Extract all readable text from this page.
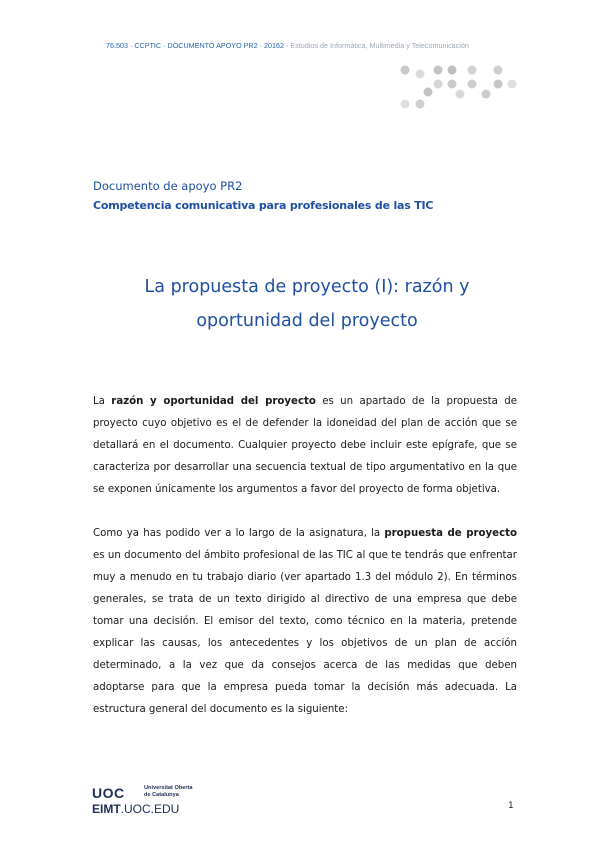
76.503 · CCPTIC · DOCUMENTO APOYO PR2 · 20162 · Estudios de Informática, Multimedia y Telecomunicación
Documento de apoyo PR2
Competencia comunicativa para profesionales de las TIC
La propuesta de proyecto (I): razón y
oportunidad del proyecto
La razón y oportunidad del proyecto es un apartado de la propuesta de proyecto cuyo objetivo es el de defender la idoneidad del plan de acción que se detallará en el documento. Cualquier proyecto debe incluir este epígrafe, que se caracteriza por desarrollar una secuencia textual de tipo argumentativo en la que se exponen únicamente los argumentos a favor del proyecto de forma objetiva.
Como ya has podido ver a lo largo de la asignatura, la propuesta de proyecto es un documento del ámbito profesional de las TIC al que te tendrás que enfrentar muy a menudo en tu trabajo diario (ver apartado 1.3 del módulo 2). En términos generales, se trata de un texto dirigido al directivo de una empresa que debe tomar una decisión. El emisor del texto, como técnico en la materia, pretende explicar las causas, los antecedentes y los objetivos de un plan de acción determinado, a la vez que da consejos acerca de las medidas que deben adoptarse para que la empresa pueda tomar la decisión más adecuada. La estructura general del documento es la siguiente:
UOC	Universitat Oberta
de Catalunya
EIMT.UOC.EDU	1
